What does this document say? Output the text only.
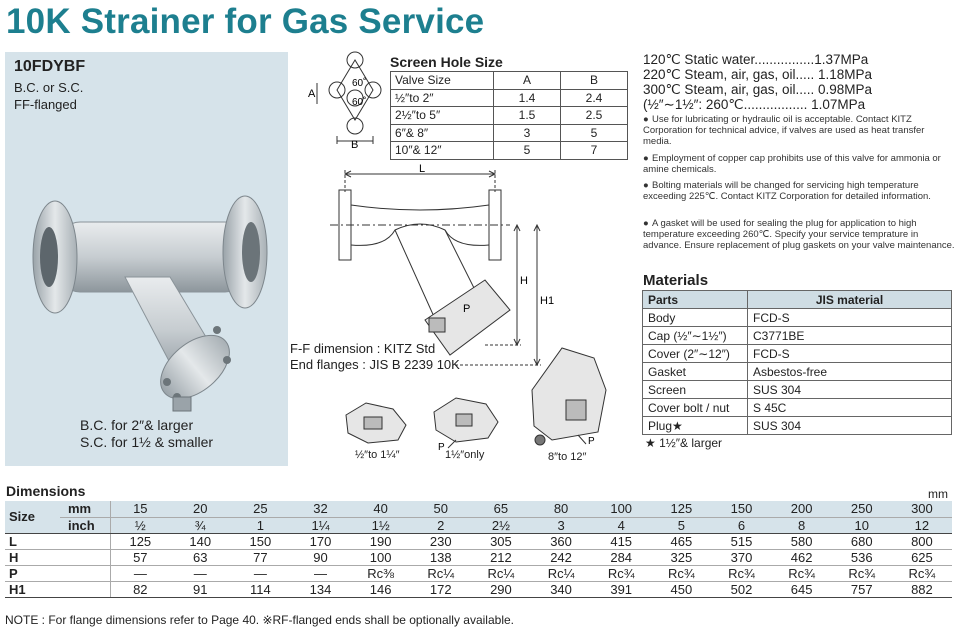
10K Strainer for Gas Service
10FDYBF
B.C. or S.C.
FF-flanged
B.C. for 2″& larger
S.C. for 1½ & smaller
60˚
60˚
A
B
Screen Hole Size
Valve Size	A	B
½″to 2″	1.4	2.4
2½″to 5″	1.5	2.5
6″& 8″	3	5
10″& 12″	5	7
L
H
H1
P
F-F dimension : KITZ Std
End flanges : JIS B 2239 10K
P
P
½″to 1¼″	1½″only	8″to 12″
120℃ Static water................1.37MPa
220℃ Steam, air, gas, oil..... 1.18MPa
300℃ Steam, air, gas, oil..... 0.98MPa
(½″∼1½″: 260℃................. 1.07MPa
● Use for lubricating or hydraulic oil is acceptable. Contact KITZ Corporation for technical advice, if valves are used as heat transfer media.
● Employment of copper cap prohibits use of this valve for ammonia or amine chemicals.
● Bolting materials will be changed for servicing high temperature exceeding 225℃. Contact KITZ Corporation for detailed information.
● A gasket will be used for sealing the plug for application to high temperature exceeding 260℃. Specify your service temprature in advance. Ensure replacement of plug gaskets on your valve maintenance.
Materials
Parts	JIS material
Body	FCD-S
Cap (½″∼1½″)	C3771BE
Cover (2″∼12″)	FCD-S
Gasket	Asbestos-free
Screen	SUS 304
Cover bolt / nut	S 45C
Plug★	SUS 304
★ 1½″& larger
Dimensions	mm
Size	mm	15	20	25	32	40	50	65	80	100	125	150	200	250	300
	inch	½	¾	1	1¼	1½	2	2½	3	4	5	6	8	10	12
L		125	140	150	170	190	230	305	360	415	465	515	580	680	800
H		57	63	77	90	100	138	212	242	284	325	370	462	536	625
P		—	—	—	—	Rc⅜	Rc¼	Rc¼	Rc¼	Rc¾	Rc¾	Rc¾	Rc¾	Rc¾	Rc¾
H1		82	91	114	134	146	172	290	340	391	450	502	645	757	882
NOTE : For flange dimensions refer to Page 40. ※RF-flanged ends shall be optionally available.
